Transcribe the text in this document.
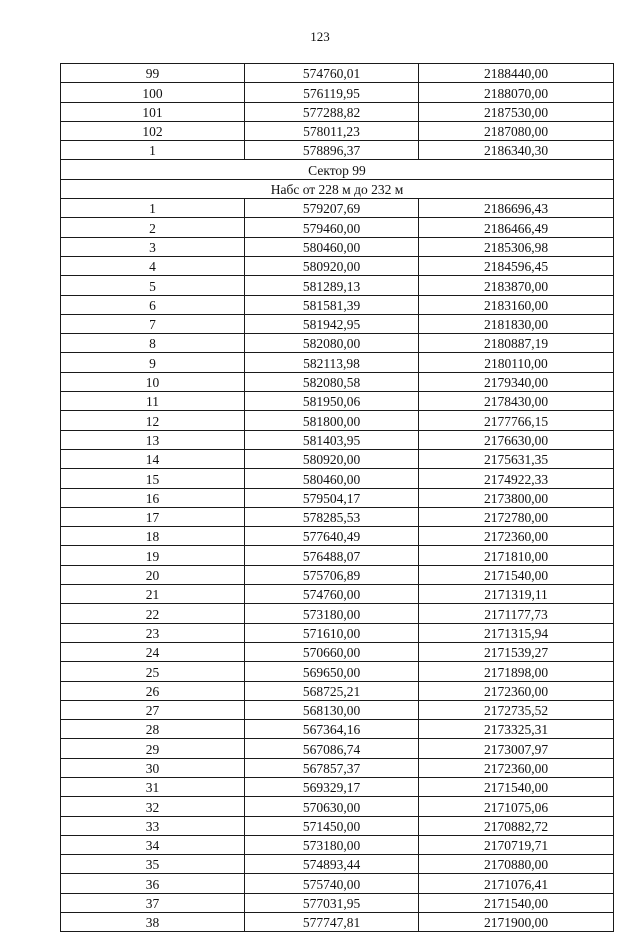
123
99	574760,01	2188440,00
100	576119,95	2188070,00
101	577288,82	2187530,00
102	578011,23	2187080,00
1	578896,37	2186340,30
Сектор 99		
Набс от 228 м до 232 м		
1	579207,69	2186696,43
2	579460,00	2186466,49
3	580460,00	2185306,98
4	580920,00	2184596,45
5	581289,13	2183870,00
6	581581,39	2183160,00
7	581942,95	2181830,00
8	582080,00	2180887,19
9	582113,98	2180110,00
10	582080,58	2179340,00
11	581950,06	2178430,00
12	581800,00	2177766,15
13	581403,95	2176630,00
14	580920,00	2175631,35
15	580460,00	2174922,33
16	579504,17	2173800,00
17	578285,53	2172780,00
18	577640,49	2172360,00
19	576488,07	2171810,00
20	575706,89	2171540,00
21	574760,00	2171319,11
22	573180,00	2171177,73
23	571610,00	2171315,94
24	570660,00	2171539,27
25	569650,00	2171898,00
26	568725,21	2172360,00
27	568130,00	2172735,52
28	567364,16	2173325,31
29	567086,74	2173007,97
30	567857,37	2172360,00
31	569329,17	2171540,00
32	570630,00	2171075,06
33	571450,00	2170882,72
34	573180,00	2170719,71
35	574893,44	2170880,00
36	575740,00	2171076,41
37	577031,95	2171540,00
38	577747,81	2171900,00
